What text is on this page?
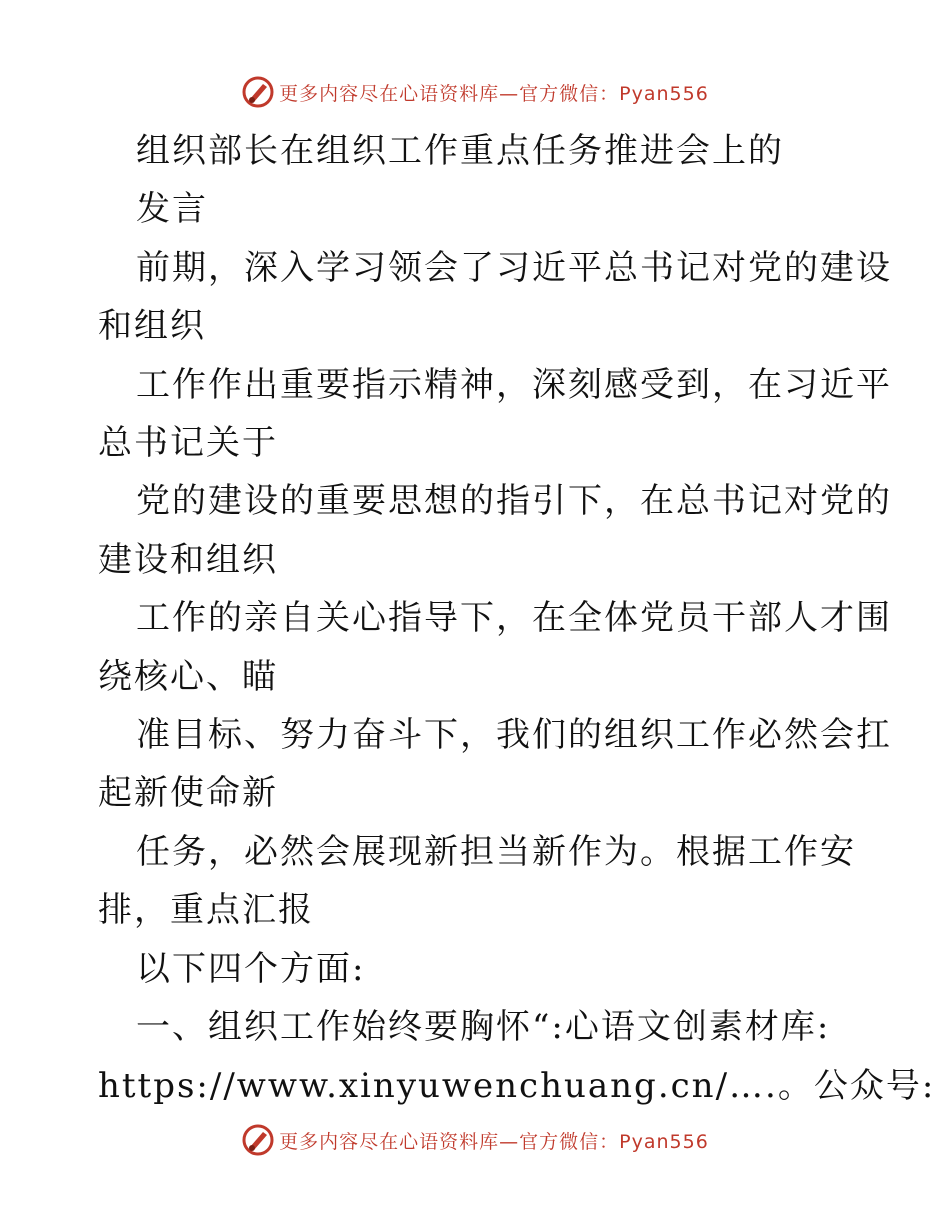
更多内容尽在心语资料库—官方微信：Pyan556
组织部长在组织工作重点任务推进会上的
发言
前期，深入学习领会了习近平总书记对党的建设
和组织
工作作出重要指示精神，深刻感受到，在习近平
总书记关于
党的建设的重要思想的指引下，在总书记对党的
建设和组织
工作的亲自关心指导下，在全体党员干部人才围
绕核心、瞄
准目标、努力奋斗下，我们的组织工作必然会扛
起新使命新
任务，必然会展现新担当新作为。根据工作安
排，重点汇报
以下四个方面:
一、组织工作始终要胸怀“:心语文创素材库:
https://www.xinyuwenchuang.cn/….。公众号:
更多内容尽在心语资料库—官方微信：Pyan556
